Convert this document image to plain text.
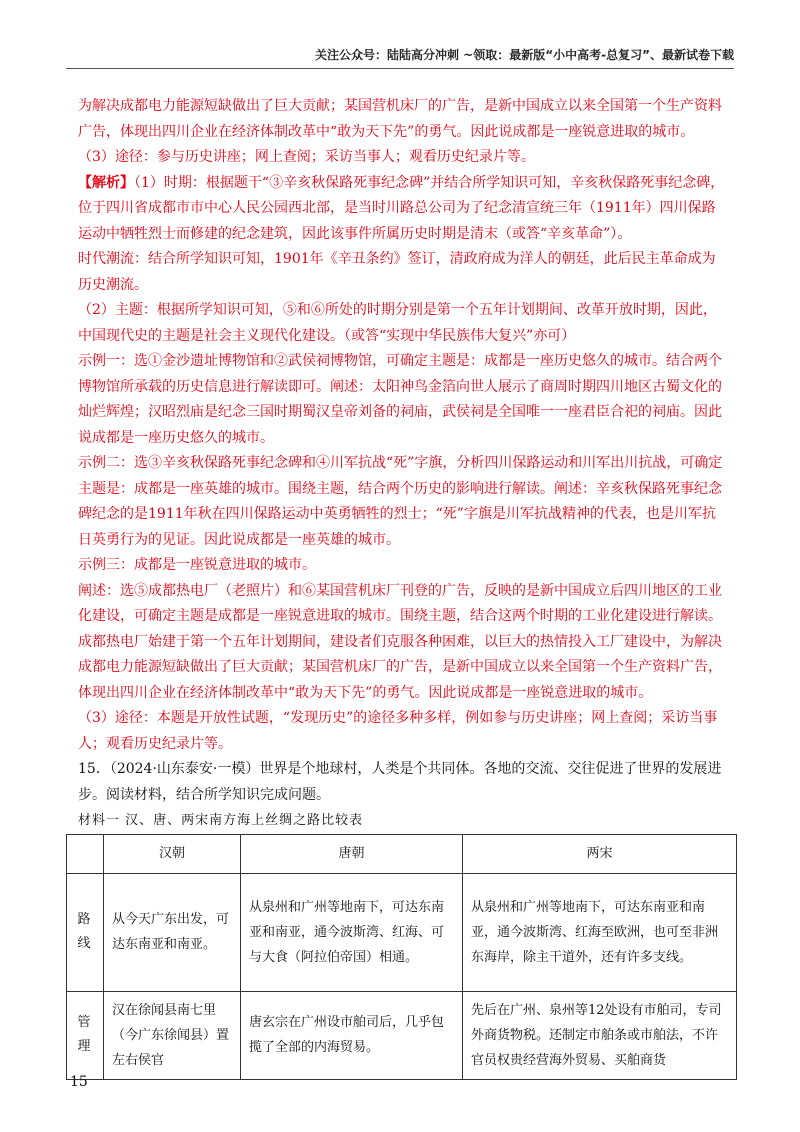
关注公众号：陆陆高分冲刺 ~领取：最新版“小中高考-总复习”、最新试卷下载

为解决成都电力能源短缺做出了巨大贡献；某国营机床厂的广告，是新中国成立以来全国第一个生产资料广告，体现出四川企业在经济体制改革中“敢为天下先”的勇气。因此说成都是一座锐意进取的城市。

（3）途径：参与历史讲座；网上查阅；采访当事人；观看历史纪录片等。

【解析】（1）时期：根据题干“③辛亥秋保路死事纪念碑”并结合所学知识可知，辛亥秋保路死事纪念碑，位于四川省成都市市中心人民公园西北部，是当时川路总公司为了纪念清宣统三年（1911年）四川保路运动中牺牲烈士而修建的纪念建筑，因此该事件所属历史时期是清末（或答“辛亥革命”）。

时代潮流：结合所学知识可知，1901年《辛丑条约》签订，清政府成为洋人的朝廷，此后民主革命成为历史潮流。

（2）主题：根据所学知识可知，⑤和⑥所处的时期分别是第一个五年计划期间、改革开放时期，因此，中国现代史的主题是社会主义现代化建设。（或答“实现中华民族伟大复兴”亦可）

示例一：选①金沙遗址博物馆和②武侯祠博物馆，可确定主题是：成都是一座历史悠久的城市。结合两个博物馆所承载的历史信息进行解读即可。阐述：太阳神鸟金箔向世人展示了商周时期四川地区古蜀文化的灿烂辉煌；汉昭烈庙是纪念三国时期蜀汉皇帝刘备的祠庙，武侯祠是全国唯一一座君臣合祀的祠庙。因此说成都是一座历史悠久的城市。

示例二：选③辛亥秋保路死事纪念碑和④川军抗战“死”字旗，分析四川保路运动和川军出川抗战，可确定主题是：成都是一座英雄的城市。围绕主题，结合两个历史的影响进行解读。阐述：辛亥秋保路死事纪念碑纪念的是1911年秋在四川保路运动中英勇牺牲的烈士；“死”字旗是川军抗战精神的代表，也是川军抗日英勇行为的见证。因此说成都是一座英雄的城市。

示例三：成都是一座锐意进取的城市。

阐述：选⑤成都热电厂（老照片）和⑥某国营机床厂刊登的广告，反映的是新中国成立后四川地区的工业化建设，可确定主题是成都是一座锐意进取的城市。围绕主题，结合这两个时期的工业化建设进行解读。成都热电厂始建于第一个五年计划期间，建设者们克服各种困难，以巨大的热情投入工厂建设中，为解决成都电力能源短缺做出了巨大贡献；某国营机床厂的广告，是新中国成立以来全国第一个生产资料广告，体现出四川企业在经济体制改革中“敢为天下先”的勇气。因此说成都是一座锐意进取的城市。

（3）途径：本题是开放性试题，“发现历史”的途径多种多样，例如参与历史讲座；网上查阅；采访当事人；观看历史纪录片等。

15．（2024·山东泰安·一模）世界是个地球村，人类是个共同体。各地的交流、交往促进了世界的发展进步。阅读材料，结合所学知识完成问题。

材料一 汉、唐、两宋南方海上丝绸之路比较表

	汉朝	唐朝	两宋
路线	从今天广东出发，可达东南亚和南亚。	从泉州和广州等地南下，可达东南亚和南亚，通今波斯湾、红海、可与大食（阿拉伯帝国）相通。	从泉州和广州等地南下，可达东南亚和南亚，通今波斯湾、红海至欧洲，也可至非洲东海岸，除主干道外，还有许多支线。
管理	汉在徐闻县南七里（今广东徐闻县）置左右侯官	唐玄宗在广州设市舶司后，几乎包揽了全部的内海贸易。	先后在广州、泉州等12处设有市舶司，专司外商货物税。还制定市舶条或市舶法，不许官员权贵经营海外贸易、买舶商货
15
